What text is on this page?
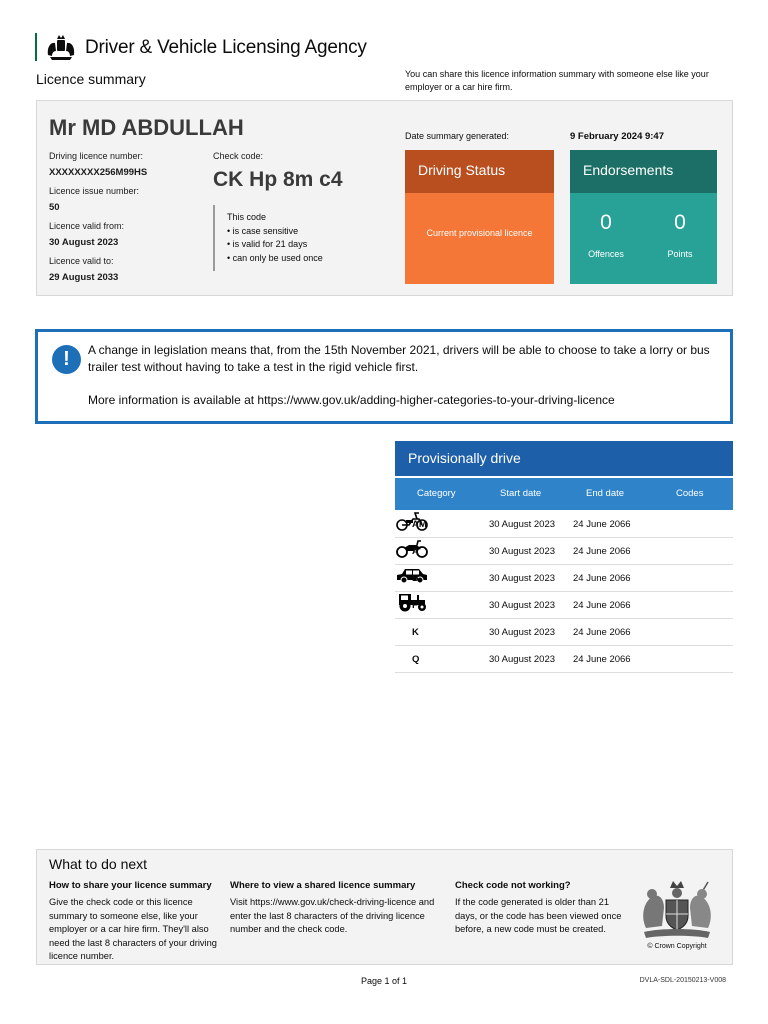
Driver & Vehicle Licensing Agency
Licence summary	You can share this licence information summary with someone else like your employer or a car hire firm.
Mr MD ABDULLAH
Driving licence number:
XXXXXXXX256M99HS
Licence issue number:
50
Licence valid from:
30 August 2023
Licence valid to:
29 August 2033
Check code:
CK Hp 8m c4
This code
• is case sensitive
• is valid for 21 days
• can only be used once
Date summary generated:	9 February 2024 9:47
Driving Status
Current provisional licence
Endorsements
0
Offences
0
Points
!	A change in legislation means that, from the 15th November 2021, drivers will be able to choose to take a lorry or bus trailer test without having to take a test in the rigid vehicle first.
More information is available at https://www.gov.uk/adding-higher-categories-to-your-driving-licence
Provisionally drive
Category	Start date	End date	Codes
AM	30 August 2023 24 June 2066
A	30 August 2023 24 June 2066
B	30 August 2023 24 June 2066
F	30 August 2023 24 June 2066
K	30 August 2023 24 June 2066
Q	30 August 2023 24 June 2066
What to do next
How to share your licence summary
Give the check code or this licence summary to someone else, like your employer or a car hire firm. They'll also need the last 8 characters of your driving licence number.
Where to view a shared licence summary
Visit https://www.gov.uk/check-driving-licence and enter the last 8 characters of the driving licence number and the check code.
Check code not working?
If the code generated is older than 21 days, or the code has been viewed once before, a new code must be created.
© Crown Copyright
Page 1 of 1	DVLA-SDL-20150213-V008
